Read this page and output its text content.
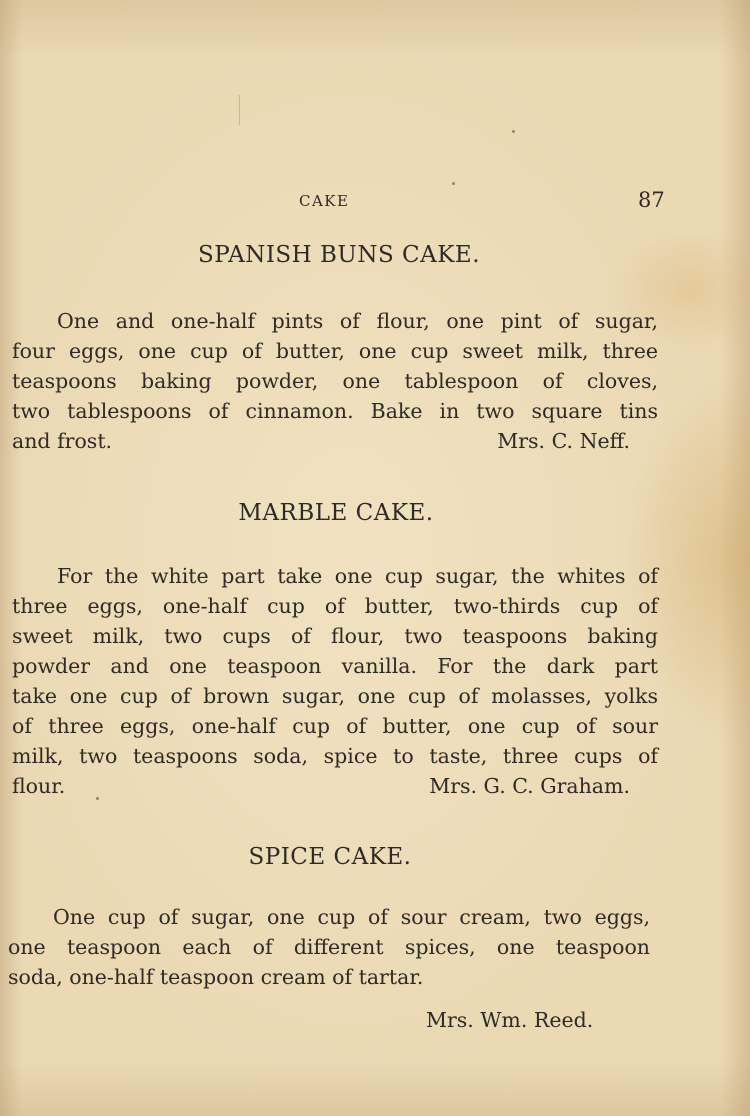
CAKE	87
SPANISH BUNS CAKE.
One and one-half pints of flour, one pint of sugar,
four eggs, one cup of butter, one cup sweet milk, three
teaspoons baking powder, one tablespoon of cloves,
two tablespoons of cinnamon. Bake in two square tins
and frost.	Mrs. C. Neff.
MARBLE CAKE.
For the white part take one cup sugar, the whites of
three eggs, one-half cup of butter, two-thirds cup of
sweet milk, two cups of flour, two teaspoons baking
powder and one teaspoon vanilla. For the dark part
take one cup of brown sugar, one cup of molasses, yolks
of three eggs, one-half cup of butter, one cup of sour
milk, two teaspoons soda, spice to taste, three cups of
flour.	Mrs. G. C. Graham.
SPICE CAKE.
One cup of sugar, one cup of sour cream, two eggs,
one teaspoon each of different spices, one teaspoon
soda, one-half teaspoon cream of tartar.
Mrs. Wm. Reed.
